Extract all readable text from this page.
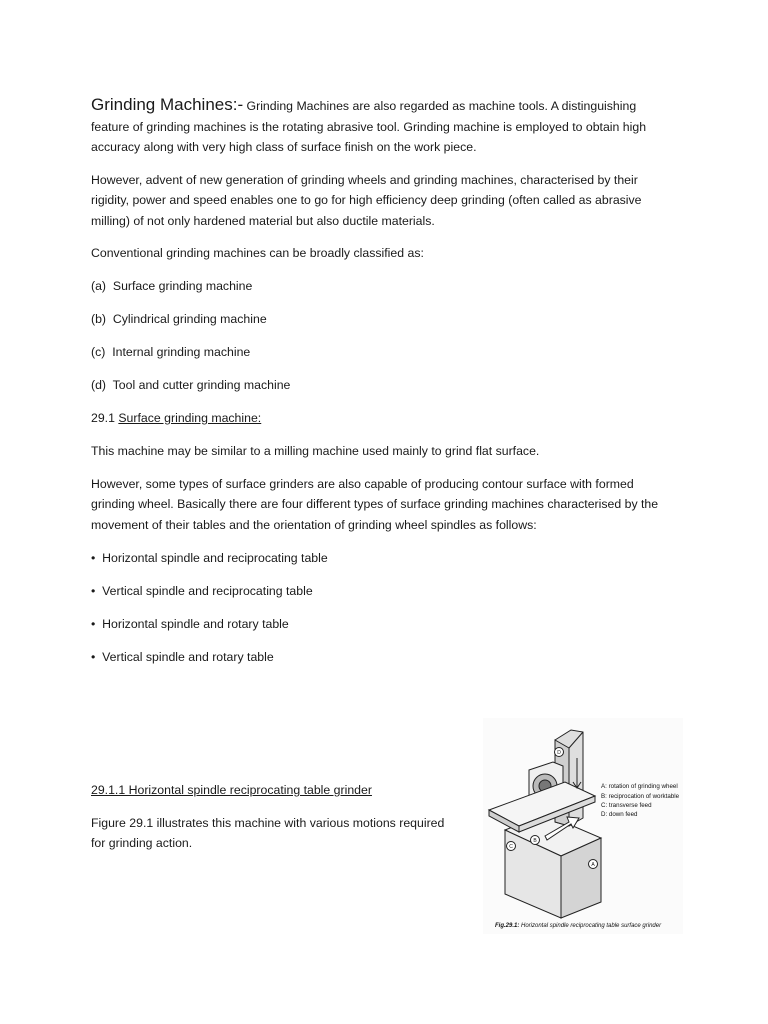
Grinding Machines:- Grinding Machines are also regarded as machine tools. A distinguishing

feature of grinding machines is the rotating abrasive tool. Grinding machine is employed to obtain high

accuracy along with very high class of surface finish on the work piece.

However, advent of new generation of grinding wheels and grinding machines, characterised by their

rigidity, power and speed enables one to go for high efficiency deep grinding (often called as abrasive

milling) of not only hardened material but also ductile materials.

Conventional grinding machines can be broadly classified as:

(a) Surface grinding machine

(b) Cylindrical grinding machine

(c) Internal grinding machine

(d) Tool and cutter grinding machine

29.1 Surface grinding machine:

This machine may be similar to a milling machine used mainly to grind flat surface.

However, some types of surface grinders are also capable of producing contour surface with formed

grinding wheel. Basically there are four different types of surface grinding machines characterised by the

movement of their tables and the orientation of grinding wheel spindles as follows:

•  Horizontal spindle and reciprocating table

•  Vertical spindle and reciprocating table

•  Horizontal spindle and rotary table

•  Vertical spindle and rotary table

29.1.1 Horizontal spindle reciprocating table grinder

Figure 29.1 illustrates this machine with various motions required

for grinding action.	C
B
A
D
A: rotation of grinding wheel
B: reciprocation of worktable
C: transverse feed
D: down feed
Fig.29.1: Horizontal spindle reciprocating table surface grinder
